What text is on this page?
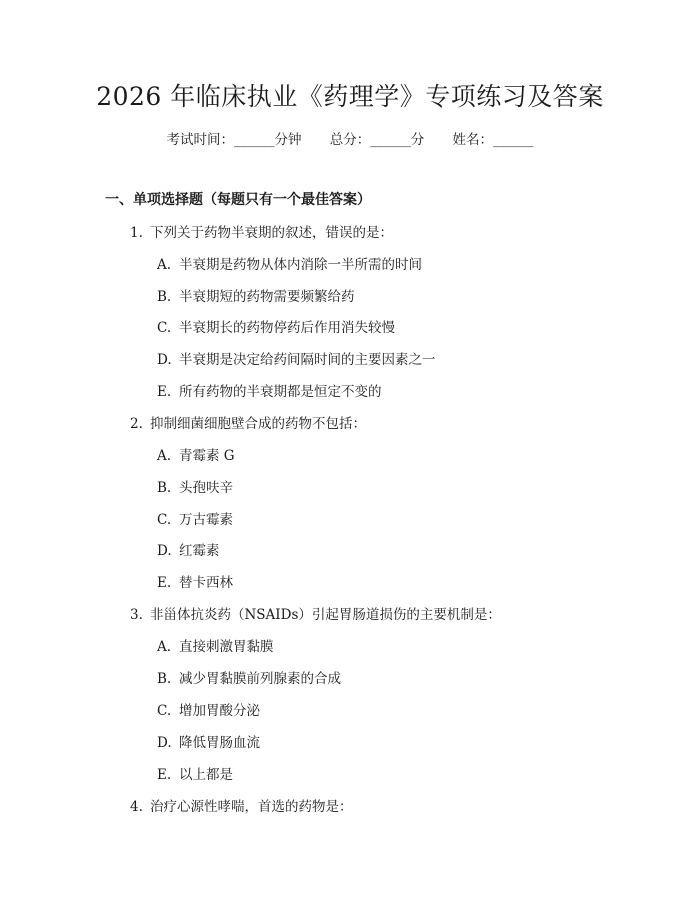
2026 年临床执业《药理学》专项练习及答案
考试时间：______分钟 总分：______分 姓名：______
一、单项选择题（每题只有一个最佳答案）
1. 下列关于药物半衰期的叙述，错误的是：
A. 半衰期是药物从体内消除一半所需的时间
B. 半衰期短的药物需要频繁给药
C. 半衰期长的药物停药后作用消失较慢
D. 半衰期是决定给药间隔时间的主要因素之一
E. 所有药物的半衰期都是恒定不变的
2. 抑制细菌细胞壁合成的药物不包括：
A. 青霉素 G
B. 头孢呋辛
C. 万古霉素
D. 红霉素
E. 替卡西林
3. 非甾体抗炎药（NSAIDs）引起胃肠道损伤的主要机制是：
A. 直接刺激胃黏膜
B. 减少胃黏膜前列腺素的合成
C. 增加胃酸分泌
D. 降低胃肠血流
E. 以上都是
4. 治疗心源性哮喘，首选的药物是：
